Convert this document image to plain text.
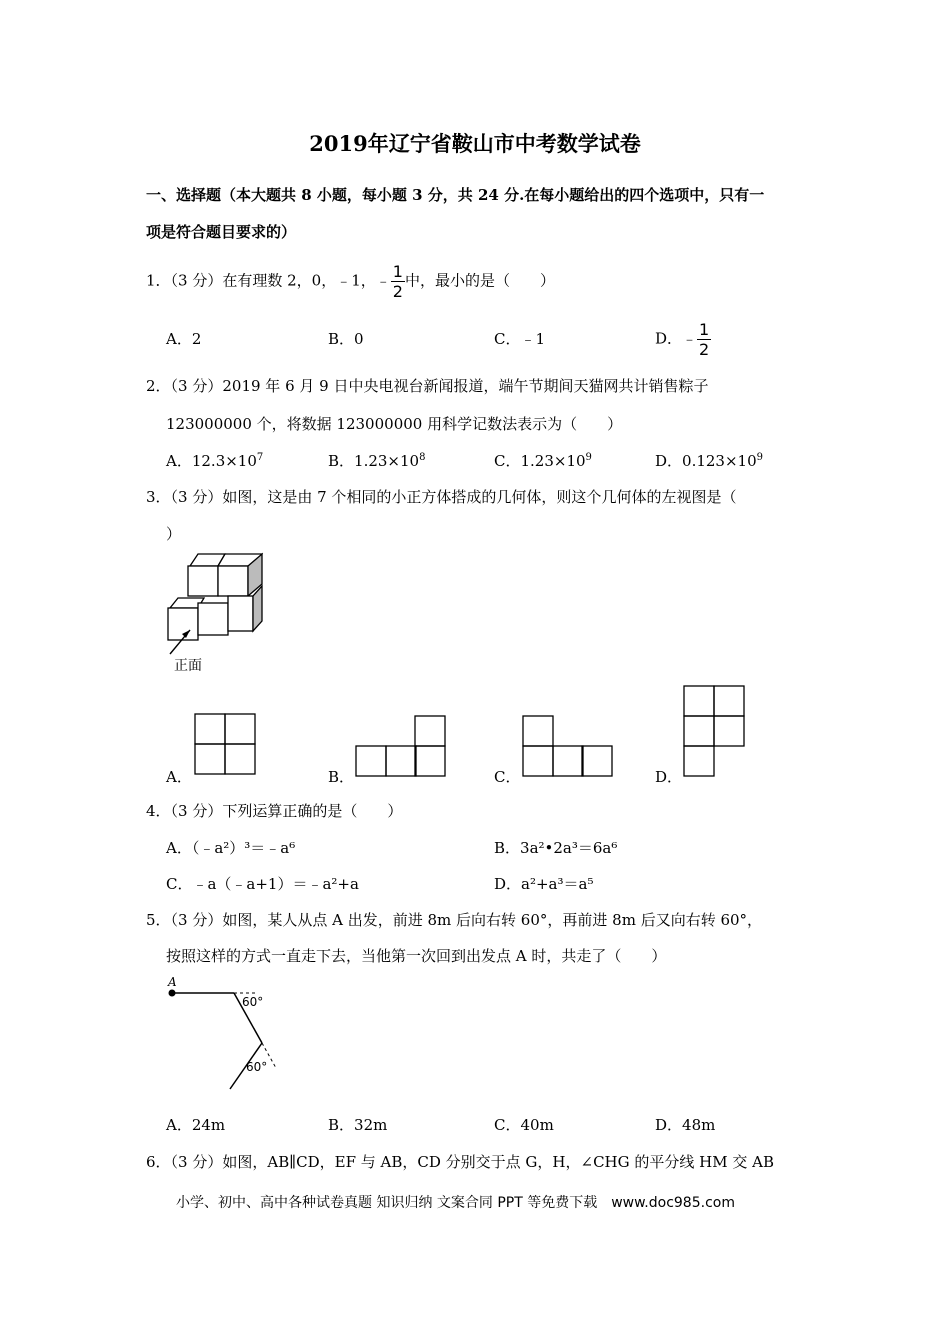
2019年辽宁省鞍山市中考数学试卷
一、选择题（本大题共 8 小题，每小题 3 分，共 24 分.在每小题给出的四个选项中，只有一
项是符合题目要求的）
1．（3 分）在有理数 2，0，﹣1，﹣ $\frac{1}{2}$ 中，最小的是（　　）
A．2	B．0	C．﹣1	D．﹣ $\frac{1}{2}$
2．（3 分）2019 年 6 月 9 日中央电视台新闻报道，端午节期间天猫网共计销售粽子
123000000 个，将数据 123000000 用科学记数法表示为（　　）
A．$12.3\times 10^7$	B．$1.23\times 10^8$	C．$1.23\times 10^9$	D．$0.123\times 10^9$
3．（3 分）如图，这是由 7 个相同的小正方体搭成的几何体，则这个几何体的左视图是（
）
正面
A．	B．	C．	D．
4．（3 分）下列运算正确的是（　　）
A．（﹣a²）³＝﹣a⁶	B．3a²•2a³＝6a⁶
C．﹣a（﹣a+1）＝﹣a²+a	D．a²+a³＝a⁵
5．（3 分）如图，某人从点 A 出发，前进 8m 后向右转 60°，再前进 8m 后又向右转 60°，
按照这样的方式一直走下去，当他第一次回到出发点 A 时，共走了（　　）
A
60°
60°
A．24m	B．32m	C．40m	D．48m
6．（3 分）如图，AB∥CD，EF 与 AB，CD 分别交于点 G，H，∠CHG 的平分线 HM 交 AB
小学、初中、高中各种试卷真题 知识归纳 文案合同 PPT 等免费下载　www.doc985.com
